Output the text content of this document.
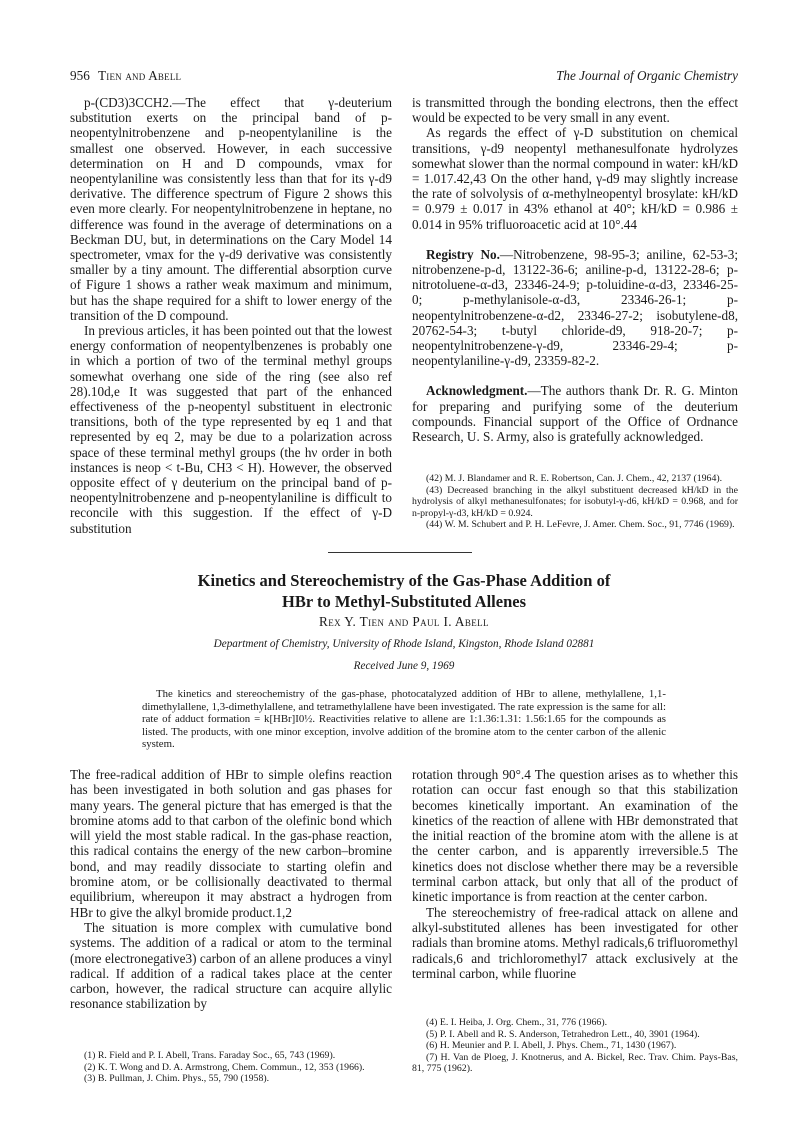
956 Tien and Abell	The Journal of Organic Chemistry

p-(CD3)3CCH2.—The effect that γ-deuterium substitution exerts on the principal band of p-neopentylnitrobenzene and p-neopentylaniline is the smallest one observed. However, in each successive determination on H and D compounds, νmax for neopentylaniline was consistently less than that for its γ-d9 derivative. The difference spectrum of Figure 2 shows this even more clearly. For neopentylnitrobenzene in heptane, no difference was found in the average of determinations on a Beckman DU, but, in determinations on the Cary Model 14 spectrometer, νmax for the γ-d9 derivative was consistently smaller by a tiny amount. The differential absorption curve of Figure 1 shows a rather weak maximum and minimum, but has the shape required for a shift to lower energy of the transition of the D compound.

In previous articles, it has been pointed out that the lowest energy conformation of neopentylbenzenes is probably one in which a portion of two of the terminal methyl groups somewhat overhang one side of the ring (see also ref 28).10d,e It was suggested that part of the enhanced effectiveness of the p-neopentyl substituent in electronic transitions, both of the type represented by eq 1 and that represented by eq 2, may be due to a polarization across space of these terminal methyl groups (the hν order in both instances is neop < t-Bu, CH3 < H). However, the observed opposite effect of γ deuterium on the principal band of p-neopentylnitrobenzene and p-neopentylaniline is difficult to reconcile with this suggestion. If the effect of γ-D substitution

is transmitted through the bonding electrons, then the effect would be expected to be very small in any event.

As regards the effect of γ-D substitution on chemical transitions, γ-d9 neopentyl methanesulfonate hydrolyzes somewhat slower than the normal compound in water: kH/kD = 1.017.42,43 On the other hand, γ-d9 may slightly increase the rate of solvolysis of α-methylneopentyl brosylate: kH/kD = 0.979 ± 0.017 in 43% ethanol at 40°; kH/kD = 0.986 ± 0.014 in 95% trifluoroacetic acid at 10°.44

Registry No.—Nitrobenzene, 98-95-3; aniline, 62-53-3; nitrobenzene-p-d, 13122-36-6; aniline-p-d, 13122-28-6; p-nitrotoluene-α-d3, 23346-24-9; p-toluidine-α-d3, 23346-25-0; p-methylanisole-α-d3, 23346-26-1; p-neopentylnitrobenzene-α-d2, 23346-27-2; isobutylene-d8, 20762-54-3; t-butyl chloride-d9, 918-20-7; p-neopentylnitrobenzene-γ-d9, 23346-29-4; p-neopentylaniline-γ-d9, 23359-82-2.

Acknowledgment.—The authors thank Dr. R. G. Minton for preparing and purifying some of the deuterium compounds. Financial support of the Office of Ordnance Research, U. S. Army, also is gratefully acknowledged.

(42) M. J. Blandamer and R. E. Robertson, Can. J. Chem., 42, 2137 (1964).

(43) Decreased branching in the alkyl substituent decreased kH/kD in the hydrolysis of alkyl methanesulfonates; for isobutyl-γ-d6, kH/kD = 0.968, and for n-propyl-γ-d3, kH/kD = 0.924.

(44) W. M. Schubert and P. H. LeFevre, J. Amer. Chem. Soc., 91, 7746 (1969).

Kinetics and Stereochemistry of the Gas-Phase Addition of
HBr to Methyl-Substituted Allenes
Rex Y. Tien and Paul I. Abell
Department of Chemistry, University of Rhode Island, Kingston, Rhode Island 02881
Received June 9, 1969

The kinetics and stereochemistry of the gas-phase, photocatalyzed addition of HBr to allene, methylallene, 1,1-dimethylallene, 1,3-dimethylallene, and tetramethylallene have been investigated. The rate expression is the same for all: rate of adduct formation = k[HBr]I0½. Reactivities relative to allene are 1:1.36:1.31: 1.56:1.65 for the compounds as listed. The products, with one minor exception, involve addition of the bromine atom to the center carbon of the allenic system.

The free-radical addition of HBr to simple olefins reaction has been investigated in both solution and gas phases for many years. The general picture that has emerged is that the bromine atoms add to that carbon of the olefinic bond which will yield the most stable radical. In the gas-phase reaction, this radical contains the energy of the new carbon–bromine bond, and may readily dissociate to starting olefin and bromine atom, or be collisionally deactivated to thermal equilibrium, whereupon it may abstract a hydrogen from HBr to give the alkyl bromide product.1,2

The situation is more complex with cumulative bond systems. The addition of a radical or atom to the terminal (more electronegative3) carbon of an allene produces a vinyl radical. If addition of a radical takes place at the center carbon, however, the radical structure can acquire allylic resonance stabilization by

rotation through 90°.4 The question arises as to whether this rotation can occur fast enough so that this stabilization becomes kinetically important. An examination of the kinetics of the reaction of allene with HBr demonstrated that the initial reaction of the bromine atom with the allene is at the center carbon, and is apparently irreversible.5 The kinetics does not disclose whether there may be a reversible terminal carbon attack, but only that all of the product of kinetic importance is from reaction at the center carbon.

The stereochemistry of free-radical attack on allene and alkyl-substituted allenes has been investigated for other radials than bromine atoms. Methyl radicals,6 trifluoromethyl radicals,6 and trichloromethyl7 attack exclusively at the terminal carbon, while fluorine

(1) R. Field and P. I. Abell, Trans. Faraday Soc., 65, 743 (1969).

(2) K. T. Wong and D. A. Armstrong, Chem. Commun., 12, 353 (1966).

(3) B. Pullman, J. Chim. Phys., 55, 790 (1958).

(4) E. I. Heiba, J. Org. Chem., 31, 776 (1966).

(5) P. I. Abell and R. S. Anderson, Tetrahedron Lett., 40, 3901 (1964).

(6) H. Meunier and P. I. Abell, J. Phys. Chem., 71, 1430 (1967).

(7) H. Van de Ploeg, J. Knotnerus, and A. Bickel, Rec. Trav. Chim. Pays-Bas, 81, 775 (1962).
